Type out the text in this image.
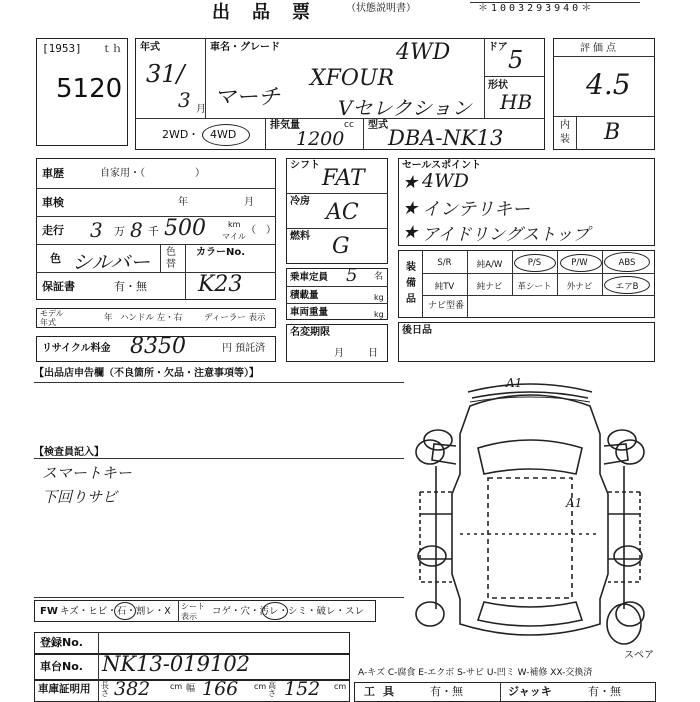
出品票 （状態説明書）	＊1003293940＊
[1953] ｔｈ
5120
年式
31/
3 月
車名・グレード	4WD
マーチ
XFOUR
Vセレクション
ドア 5
形状
HB
2WD ・ 4WD
排気量	cc
1200
型式
DBA-NK13
評価点
4.5
内
装 B
車歴	自家用・（　　　　　）
車検	年	月
走行 3 万 8 千 500	km
マイル
（　）
色 シルバー 色
替
カラーNo.
K23
保証書	有・無
モデル
年式	年 ハンドル 左・右	ディーラー 表示
リサイクル料金 8350	円 預託済
シフト
FAT
冷房 AC
燃料 G
乗車定員 5 名
積載量	kg
車両重量	kg
名変期限
月 日
セールスポイント
★ 4WD
★ インテリキー
★ アイドリングストップ
装
備
品
S/R	純A/W	P/S	P/W	ABS
純TV	純ナビ	革シート	外ナビ	エアB
ナビ型番
後日品
【出品店申告欄（不良箇所・欠品・注意事項等）】
【検査員記入】
スマートキー
下回りサビ
A1
A1
スペア
FW キズ・ヒビ・石・割レ・X シート
表示 コゲ・穴・汚レ・シミ・破レ・スレ
登録No.
車台No. NK13-019102
車庫証明用 長さ 382 cm 幅 166 cm 高さ 152 cm
A-キズ C-腐食 E-エクボ S-サビ U-凹ミ W-補修 XX-交換済
工具	有・無	ジャッキ	有・無
